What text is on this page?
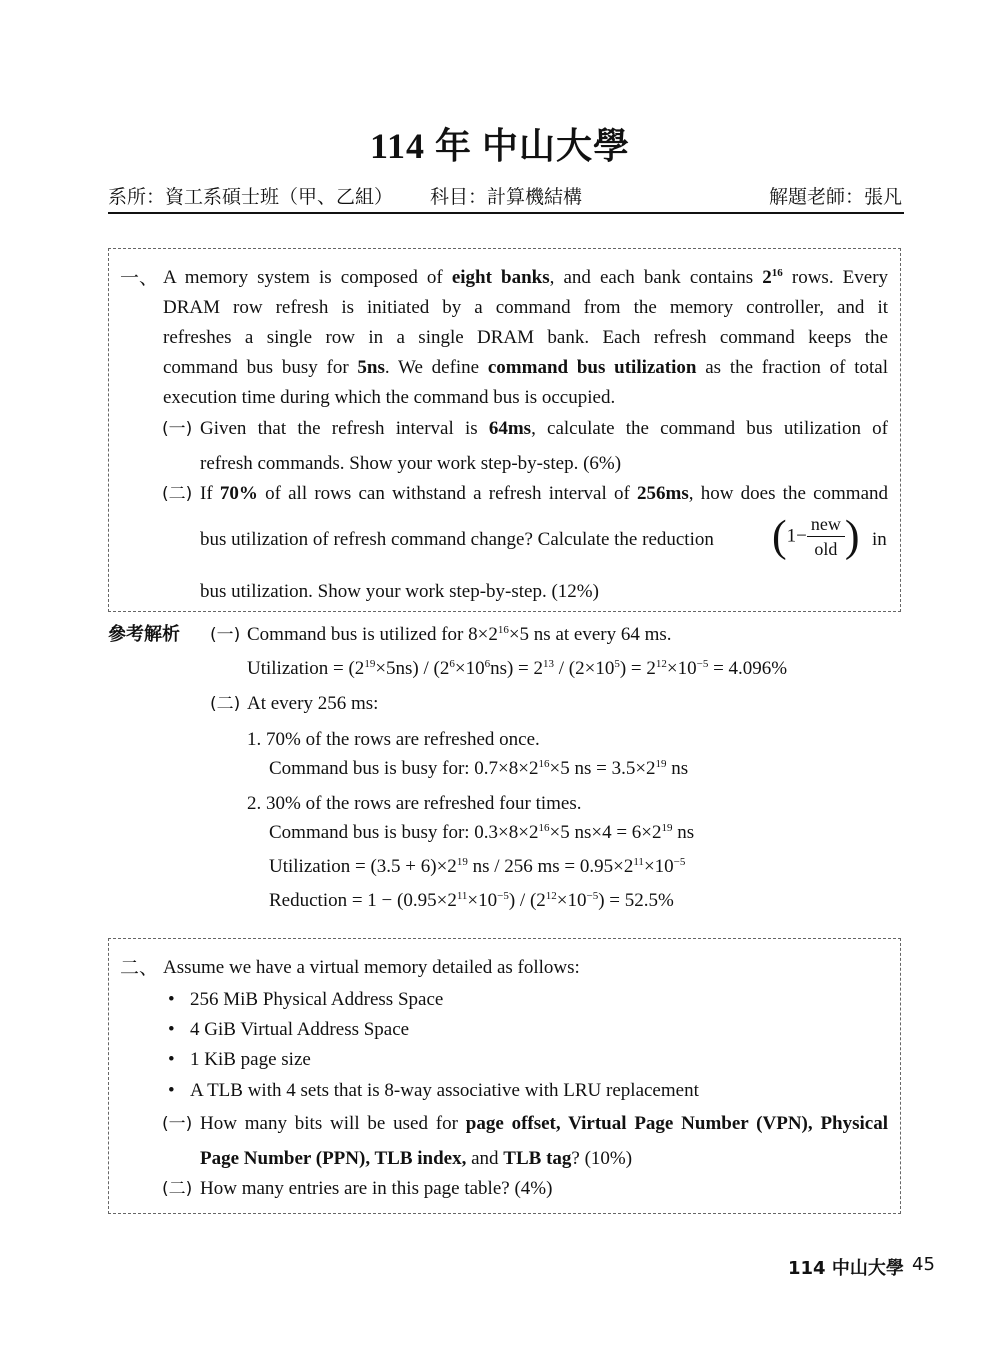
114 年 中山大學
系所：資工系碩士班（甲、乙組） 科目：計算機結構	解題老師：張凡
一、 A memory system is composed of eight banks, and each bank contains $2^{16}$ rows. Every
DRAM row refresh is initiated by a command from the memory controller, and it
refreshes a single row in a single DRAM bank. Each refresh command keeps the
command bus busy for 5ns. We define command bus utilization as the fraction of total
execution time during which the command bus is occupied.
(一) Given that the refresh interval is 64ms, calculate the command bus utilization of
refresh commands. Show your work step-by-step. (6%)
(二) If 70% of all rows can withstand a refresh interval of 256ms, how does the command
bus utilization of refresh command change? Calculate the reduction ($1- \frac{\text{new}}{\text{old}}$ ) in
bus utilization. Show your work step-by-step. (12%)
參考解析 (一) Command bus is utilized for $8\times 2^{16}\times 5$ ns at every 64 ms.
Utilization = $(2^{19}\times 5ns) / (2^6\times 10^6ns) = 2^{13} / (2\times 10^5) = 2^{12}\times 10^{-5} = 4.096\%$
(二) At every 256 ms:
1. 70% of the rows are refreshed once.
Command bus is busy for: $0.7\times 8\times 2^{16}\times 5$ ns = $3.5\times 2^{19}$ ns
2. 30% of the rows are refreshed four times.
Command bus is busy for: $0.3\times 8\times 2^{16}\times 5$ $ns\times 4 = 6\times 2^{19}$ ns
Utilization = $(3.5 + 6)\times 2^{19}$ ns / 256 ms = $0.95\times 2^{11}\times 10^{-5}$
Reduction = $1 - (0.95\times 2^{11}\times 10^{-5}) / (2^{12}\times 10^{-5}) = 52.5\%$
二、 Assume we have a virtual memory detailed as follows:
• 256 MiB Physical Address Space
• 4 GiB Virtual Address Space
• 1 KiB page size
• A TLB with 4 sets that is 8-way associative with LRU replacement
(一) How many bits will be used for page offset, Virtual Page Number (VPN), Physical
Page Number (PPN), TLB index, and TLB tag? (10%)
(二) How many entries are in this page table? (4%)
114 中山大學 45
